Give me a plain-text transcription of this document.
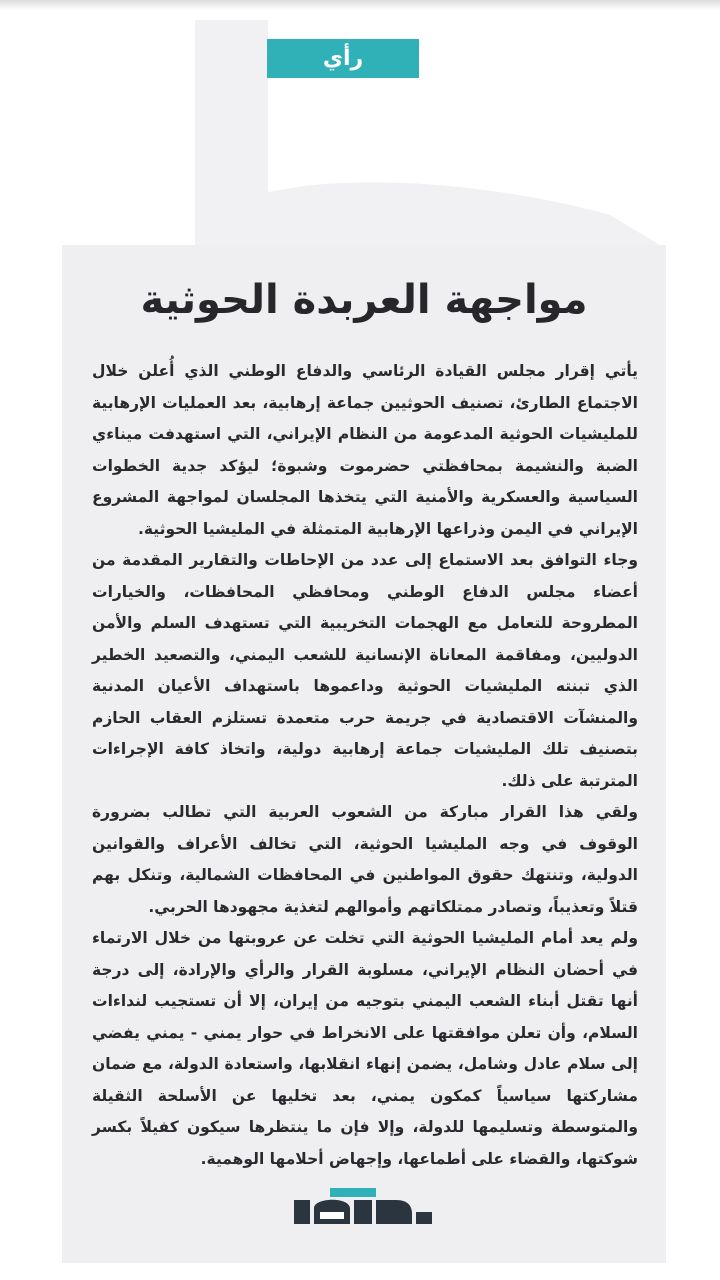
رأي
مواجهة العربدة الحوثية

يأتي إقرار مجلس القيادة الرئاسي والدفاع الوطني الذي أُعلن خلال الاجتماع الطارئ، تصنيف الحوثيين جماعة إرهابية، بعد العمليات الإرهابية للمليشيات الحوثية المدعومة من النظام الإيراني، التي استهدفت ميناءي الضبة والنشيمة بمحافظتي حضرموت وشبوة؛ ليؤكد جدية الخطوات السياسية والعسكرية والأمنية التي يتخذها المجلسان لمواجهة المشروع الإيراني في اليمن وذراعها الإرهابية المتمثلة في المليشيا الحوثية.

وجاء التوافق بعد الاستماع إلى عدد من الإحاطات والتقارير المقدمة من أعضاء مجلس الدفاع الوطني ومحافظي المحافظات، والخيارات المطروحة للتعامل مع الهجمات التخريبية التي تستهدف السلم والأمن الدوليين، ومفاقمة المعاناة الإنسانية للشعب اليمني، والتصعيد الخطير الذي تبنته المليشيات الحوثية وداعموها باستهداف الأعيان المدنية والمنشآت الاقتصادية في جريمة حرب متعمدة تستلزم العقاب الحازم بتصنيف تلك المليشيات جماعة إرهابية دولية، واتخاذ كافة الإجراءات المترتبة على ذلك.

ولقي هذا القرار مباركة من الشعوب العربية التي تطالب بضرورة الوقوف في وجه المليشيا الحوثية، التي تخالف الأعراف والقوانين الدولية، وتنتهك حقوق المواطنين في المحافظات الشمالية، وتنكل بهم قتلاً وتعذيباً، وتصادر ممتلكاتهم وأموالهم لتغذية مجهودها الحربي.

ولم يعد أمام المليشيا الحوثية التي تخلت عن عروبتها من خلال الارتماء في أحضان النظام الإيراني، مسلوبة القرار والرأي والإرادة، إلى درجة أنها تقتل أبناء الشعب اليمني بتوجيه من إيران، إلا أن تستجيب لنداءات السلام، وأن تعلن موافقتها على الانخراط في حوار يمني - يمني يفضي إلى سلام عادل وشامل، يضمن إنهاء انقلابها، واستعادة الدولة، مع ضمان مشاركتها سياسياً كمكون يمني، بعد تخليها عن الأسلحة الثقيلة والمتوسطة وتسليمها للدولة، وإلا فإن ما ينتظرها سيكون كفيلاً بكسر شوكتها، والقضاء على أطماعها، وإجهاض أحلامها الوهمية.
